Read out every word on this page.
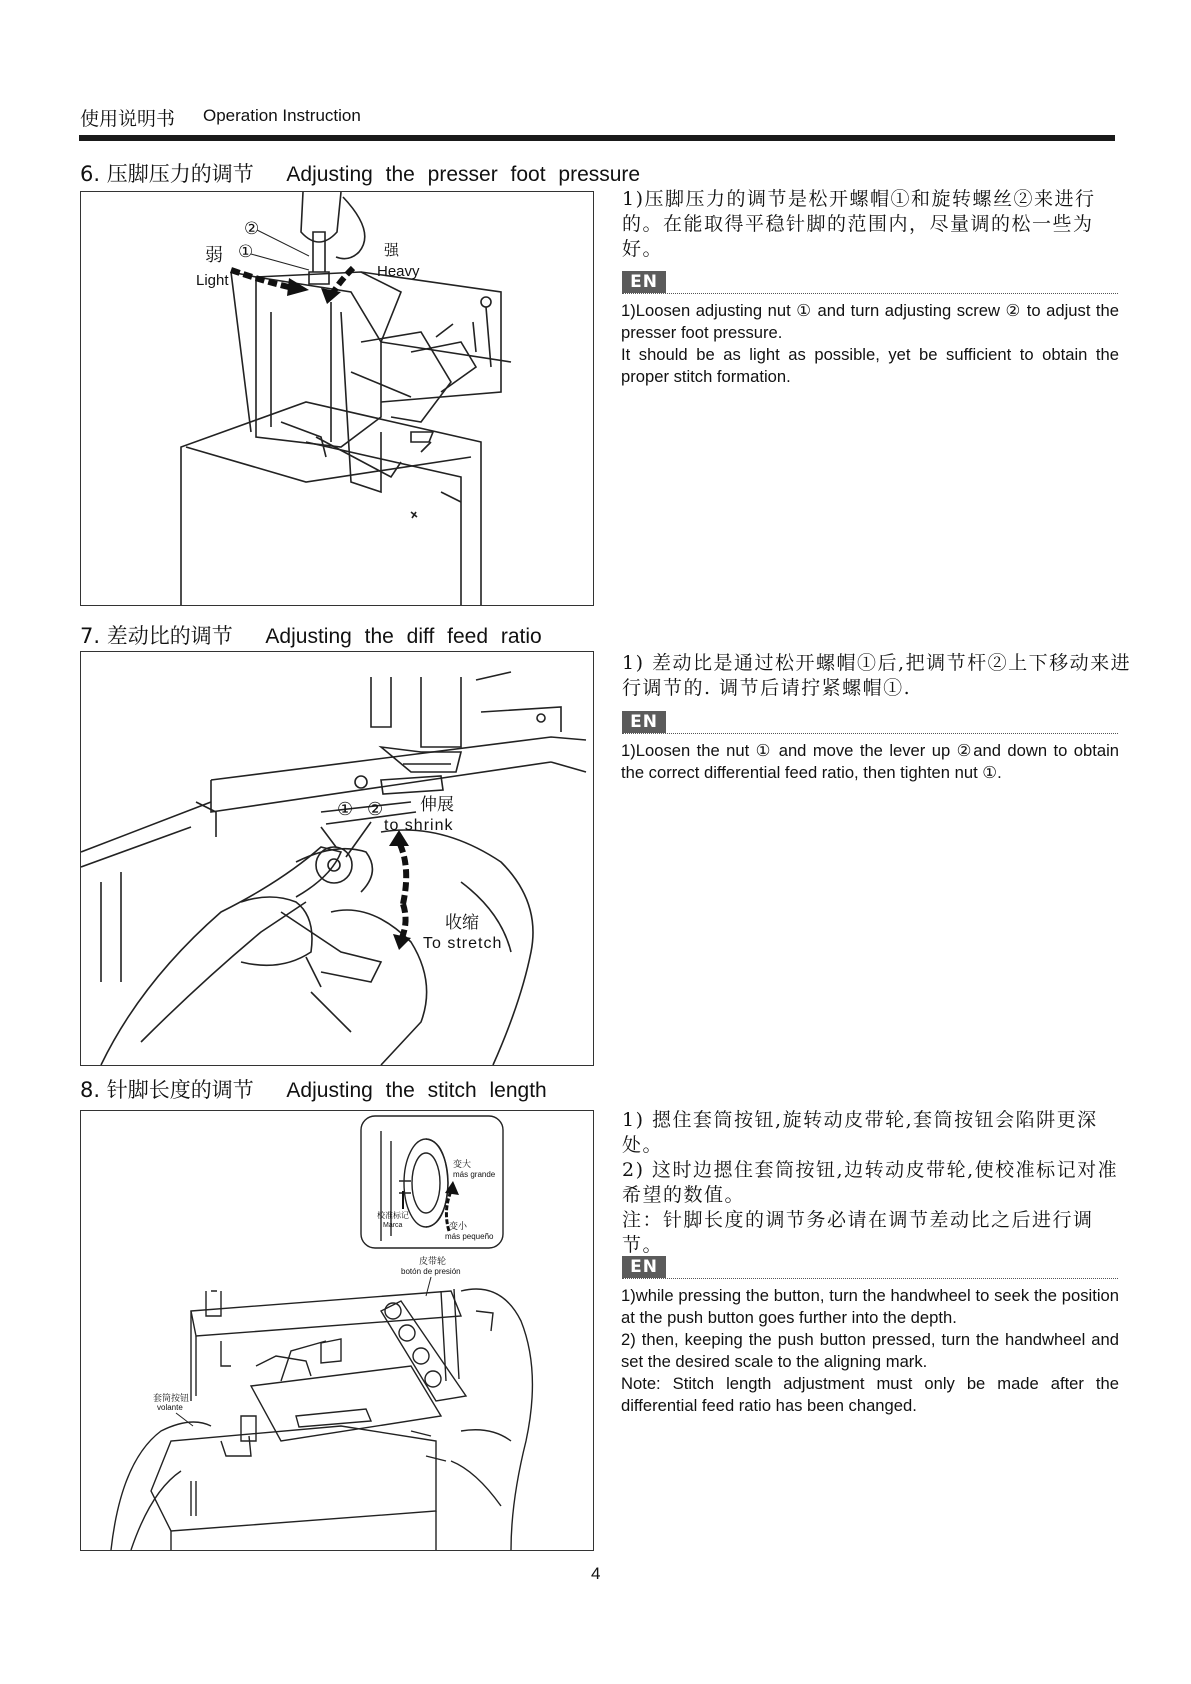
使用说明书 Operation Instruction
6. 压脚压力的调节 Adjusting the presser foot pressure
②
①
弱
Light
强
Heavy

1)压脚压力的调节是松开螺帽①和旋转螺丝②来进行的。在能取得平稳针脚的范围内，尽量调的松一些为好。

EN

1)Loosen adjusting nut ① and turn adjusting screw ② to adjust the presser foot pressure.
It should be as light as possible, yet be sufficient to obtain the proper stitch formation.

7. 差动比的调节 Adjusting the diff feed ratio
① ② 伸展
to shrink
收缩
To stretch

1) 差动比是通过松开螺帽①后,把调节杆②上下移动来进行调节的. 调节后请拧紧螺帽①.

EN

1)Loosen the nut ① and move the lever up ②and down to obtain the correct differential feed ratio, then tighten nut ①.

8. 针脚长度的调节 Adjusting the stitch length
变大
más grande
校准标记
Marca	变小
más pequeño
皮带轮
botón de presión
套筒按钮
volante

1) 摁住套筒按钮,旋转动皮带轮,套筒按钮会陷阱更深处。
2) 这时边摁住套筒按钮,边转动皮带轮,使校准标记对准希望的数值。
注：针脚长度的调节务必请在调节差动比之后进行调节。

EN

1)while pressing the button, turn the handwheel to seek the position at the push button goes further into the depth.
2) then, keeping the push button pressed, turn the handwheel and set the desired scale to the aligning mark.
Note: Stitch length adjustment must only be made after the differential feed ratio has been changed.

4
